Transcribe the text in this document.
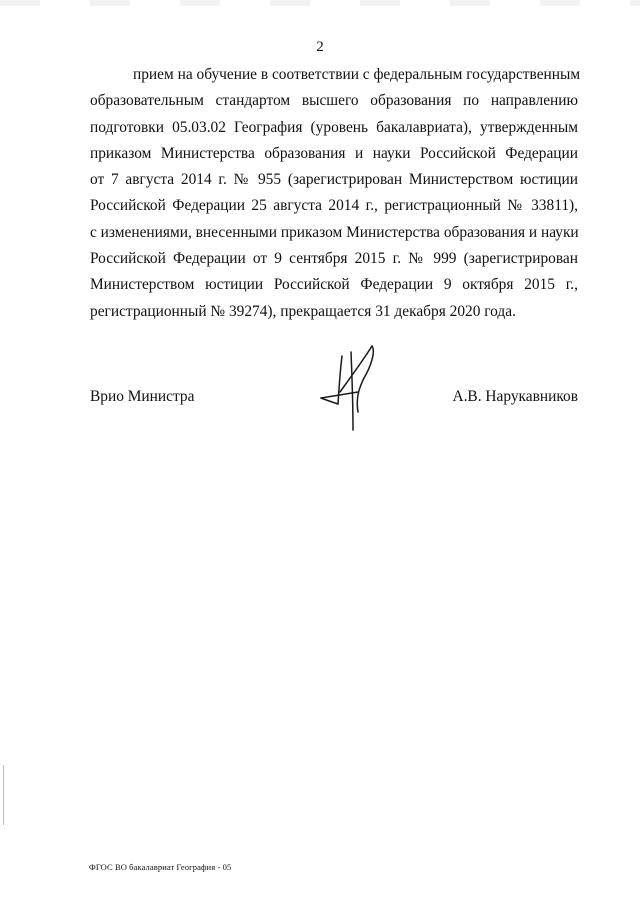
2
прием на обучение в соответствии с федеральным государственным
образовательным стандартом высшего образования по направлению
подготовки 05.03.02 География (уровень бакалавриата), утвержденным
приказом Министерства образования и науки Российской Федерации
от 7 августа 2014 г. № 955 (зарегистрирован Министерством юстиции
Российской Федерации 25 августа 2014 г., регистрационный № 33811),
с изменениями, внесенными приказом Министерства образования и науки
Российской Федерации от 9 сентября 2015 г. № 999 (зарегистрирован
Министерством юстиции Российской Федерации 9 октября 2015 г.,
регистрационный № 39274), прекращается 31 декабря 2020 года.
Врио Министра	А.В. Нарукавников
ФГОС ВО бакалавриат География - 05
